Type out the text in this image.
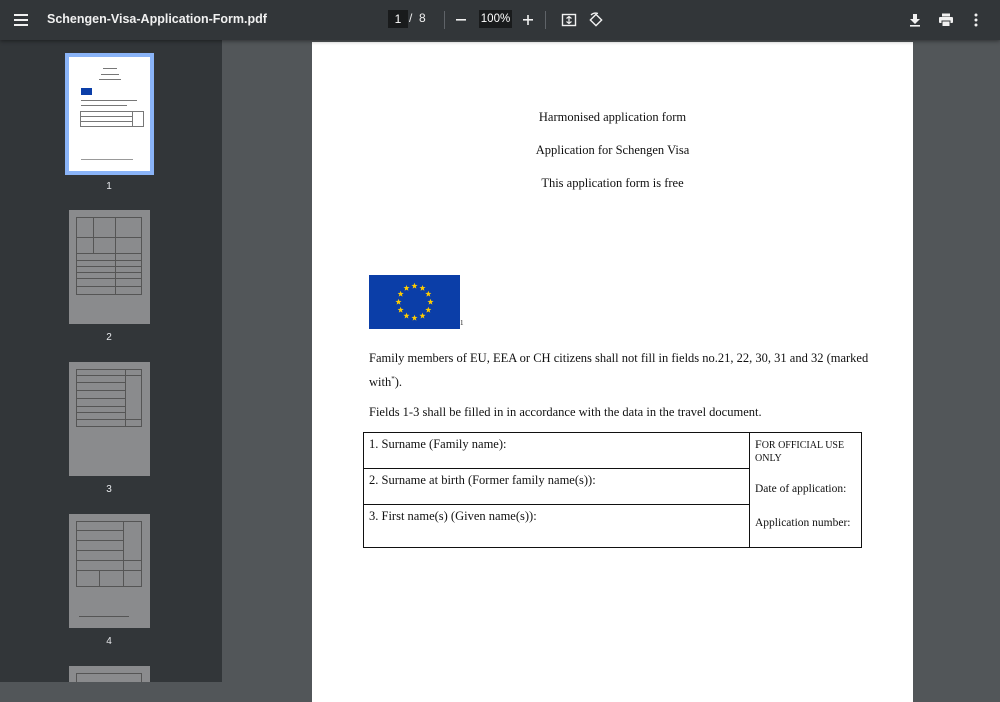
Schengen-Visa-Application-Form.pdf	1 / 8	100%
1
2
3
4
Harmonised application form
Application for Schengen Visa
This application form is free
1
Family members of EU, EEA or CH citizens shall not fill in fields no.21, 22, 30, 31 and 32 (marked
with*).
Fields 1-3 shall be filled in in accordance with the data in the travel document.
1. Surname (Family name):
2. Surname at birth (Former family name(s)):
3. First name(s) (Given name(s)):
FOR OFFICIAL USE
ONLY
Date of application:
Application number:
